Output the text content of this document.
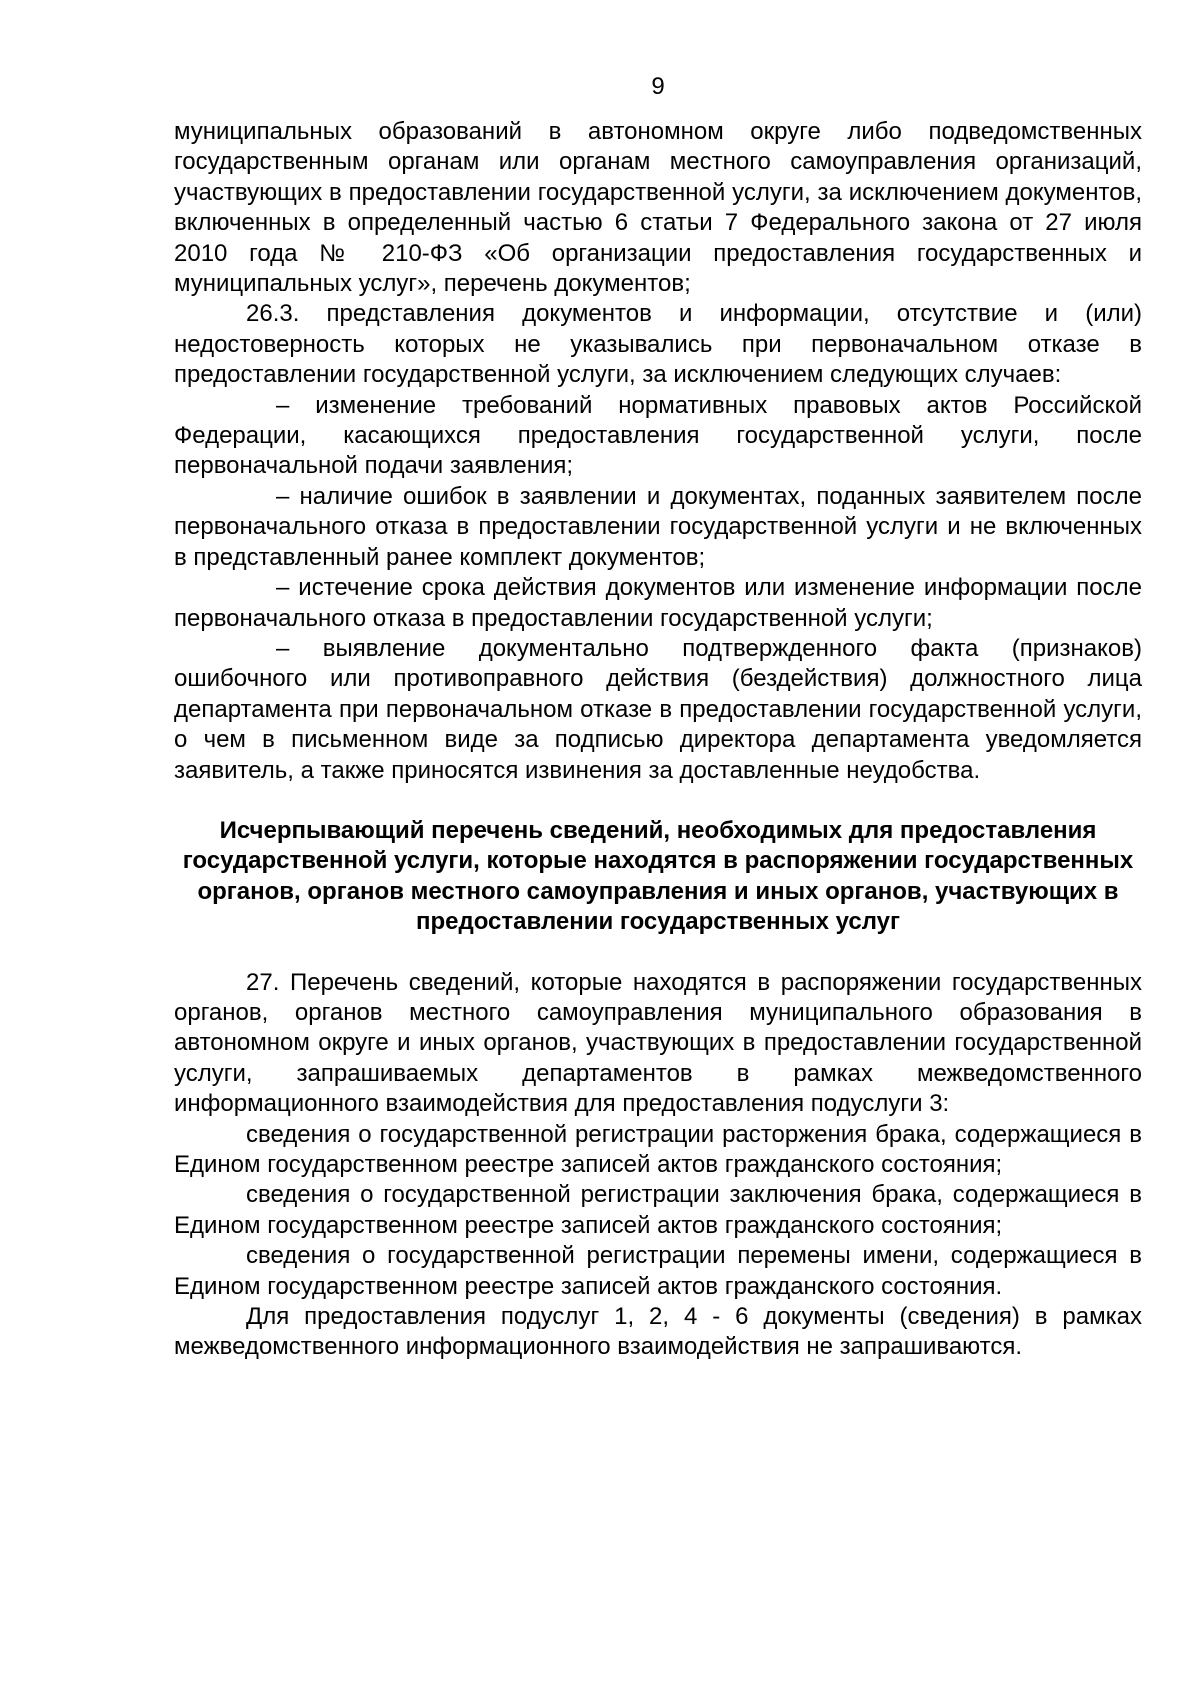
9

муниципальных образований в автономном округе либо подведомственных государственным органам или органам местного самоуправления организаций, участвующих в предоставлении государственной услуги, за исключением документов, включенных в определенный частью 6 статьи 7 Федерального закона от 27 июля 2010 года № 210-ФЗ «Об организации предоставления государственных и муниципальных услуг», перечень документов;

26.3. представления документов и информации, отсутствие и (или) недостоверность которых не указывались при первоначальном отказе в предоставлении государственной услуги, за исключением следующих случаев:

– изменение требований нормативных правовых актов Российской Федерации, касающихся предоставления государственной услуги, после первоначальной подачи заявления;

– наличие ошибок в заявлении и документах, поданных заявителем после первоначального отказа в предоставлении государственной услуги и не включенных в представленный ранее комплект документов;

– истечение срока действия документов или изменение информации после первоначального отказа в предоставлении государственной услуги;

– выявление документально подтвержденного факта (признаков) ошибочного или противоправного действия (бездействия) должностного лица департамента при первоначальном отказе в предоставлении государственной услуги, о чем в письменном виде за подписью директора департамента уведомляется заявитель, а также приносятся извинения за доставленные неудобства.

Исчерпывающий перечень сведений, необходимых для предоставления государственной услуги, которые находятся в распоряжении государственных органов, органов местного самоуправления и иных органов, участвующих в предоставлении государственных услуг

27. Перечень сведений, которые находятся в распоряжении государственных органов, органов местного самоуправления муниципального образования в автономном округе и иных органов, участвующих в предоставлении государственной услуги, запрашиваемых департаментов в рамках межведомственного информационного взаимодействия для предоставления подуслуги 3:

сведения о государственной регистрации расторжения брака, содержащиеся в Едином государственном реестре записей актов гражданского состояния;

сведения о государственной регистрации заключения брака, содержащиеся в Едином государственном реестре записей актов гражданского состояния;

сведения о государственной регистрации перемены имени, содержащиеся в Едином государственном реестре записей актов гражданского состояния.

Для предоставления подуслуг 1, 2, 4 - 6 документы (сведения) в рамках межведомственного информационного взаимодействия не запрашиваются.
